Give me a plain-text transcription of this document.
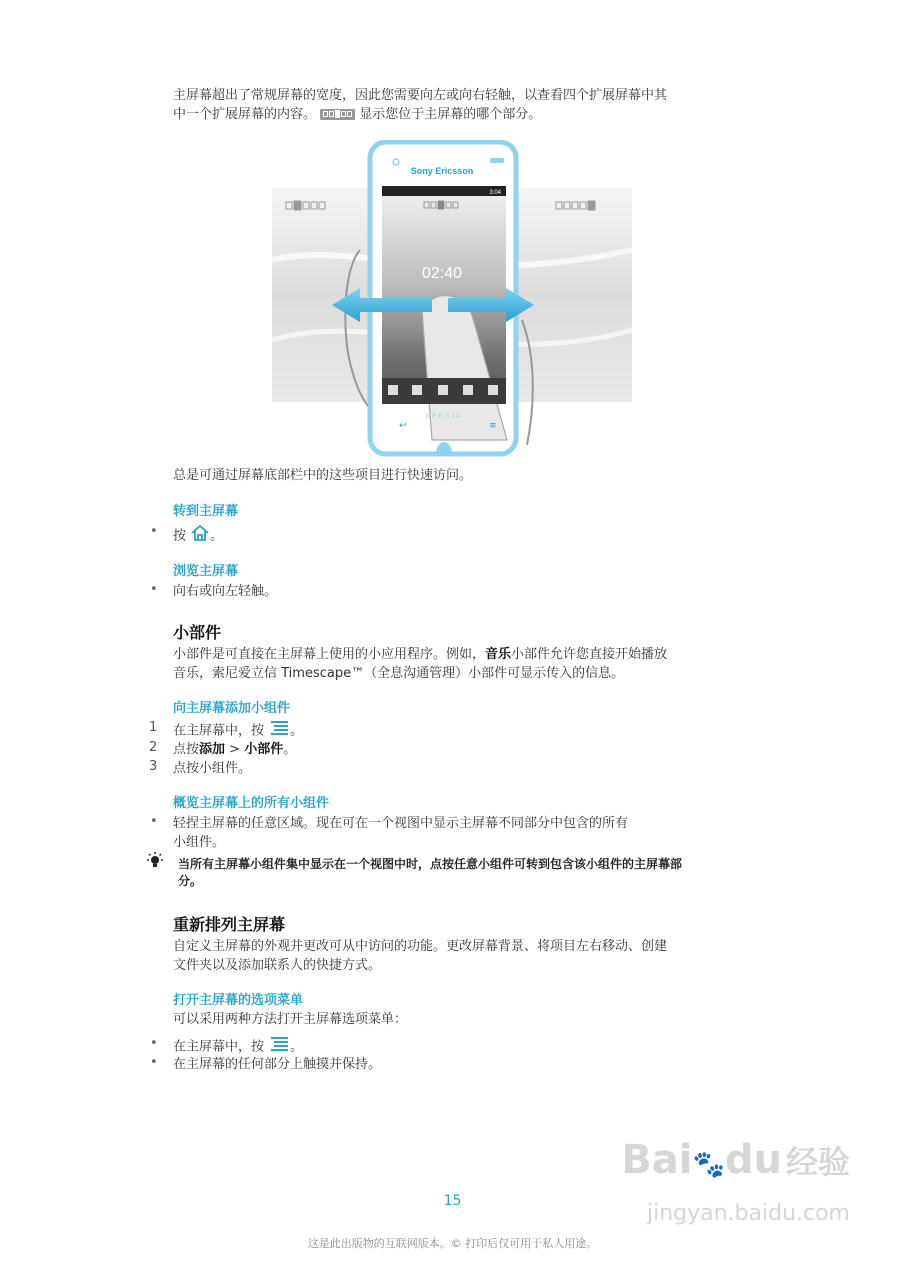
主屏幕超出了常规屏幕的宽度，因此您需要向左或向右轻触，以查看四个扩展屏幕中其
中一个扩展屏幕的内容。	显示您位于主屏幕的哪个部分。
Sony Ericsson
3:04
02:40
XPERIA
↩	≡
总是可通过屏幕底部栏中的这些项目进行快速访问。
转到主屏幕
• 按 。
浏览主屏幕
• 向右或向左轻触。
小部件
小部件是可直接在主屏幕上使用的小应用程序。例如，音乐小部件允许您直接开始播放
音乐，索尼爱立信 Timescape™（全息沟通管理）小部件可显示传入的信息。
向主屏幕添加小组件
1 在主屏幕中，按 。
2 点按添加 > 小部件。
3 点按小组件。
概览主屏幕上的所有小组件
• 轻捏主屏幕的任意区域。现在可在一个视图中显示主屏幕不同部分中包含的所有
小组件。
当所有主屏幕小组件集中显示在一个视图中时，点按任意小组件可转到包含该小组件的主屏幕部
分。
重新排列主屏幕
自定义主屏幕的外观并更改可从中访问的功能。更改屏幕背景、将项目左右移动、创建
文件夹以及添加联系人的快捷方式。
打开主屏幕的选项菜单
可以采用两种方法打开主屏幕选项菜单：
• 在主屏幕中，按 。
• 在主屏幕的任何部分上触摸并保持。
Bai🐾du 经验
jingyan.baidu.com
15
这是此出版物的互联网版本。© 打印后仅可用于私人用途。
